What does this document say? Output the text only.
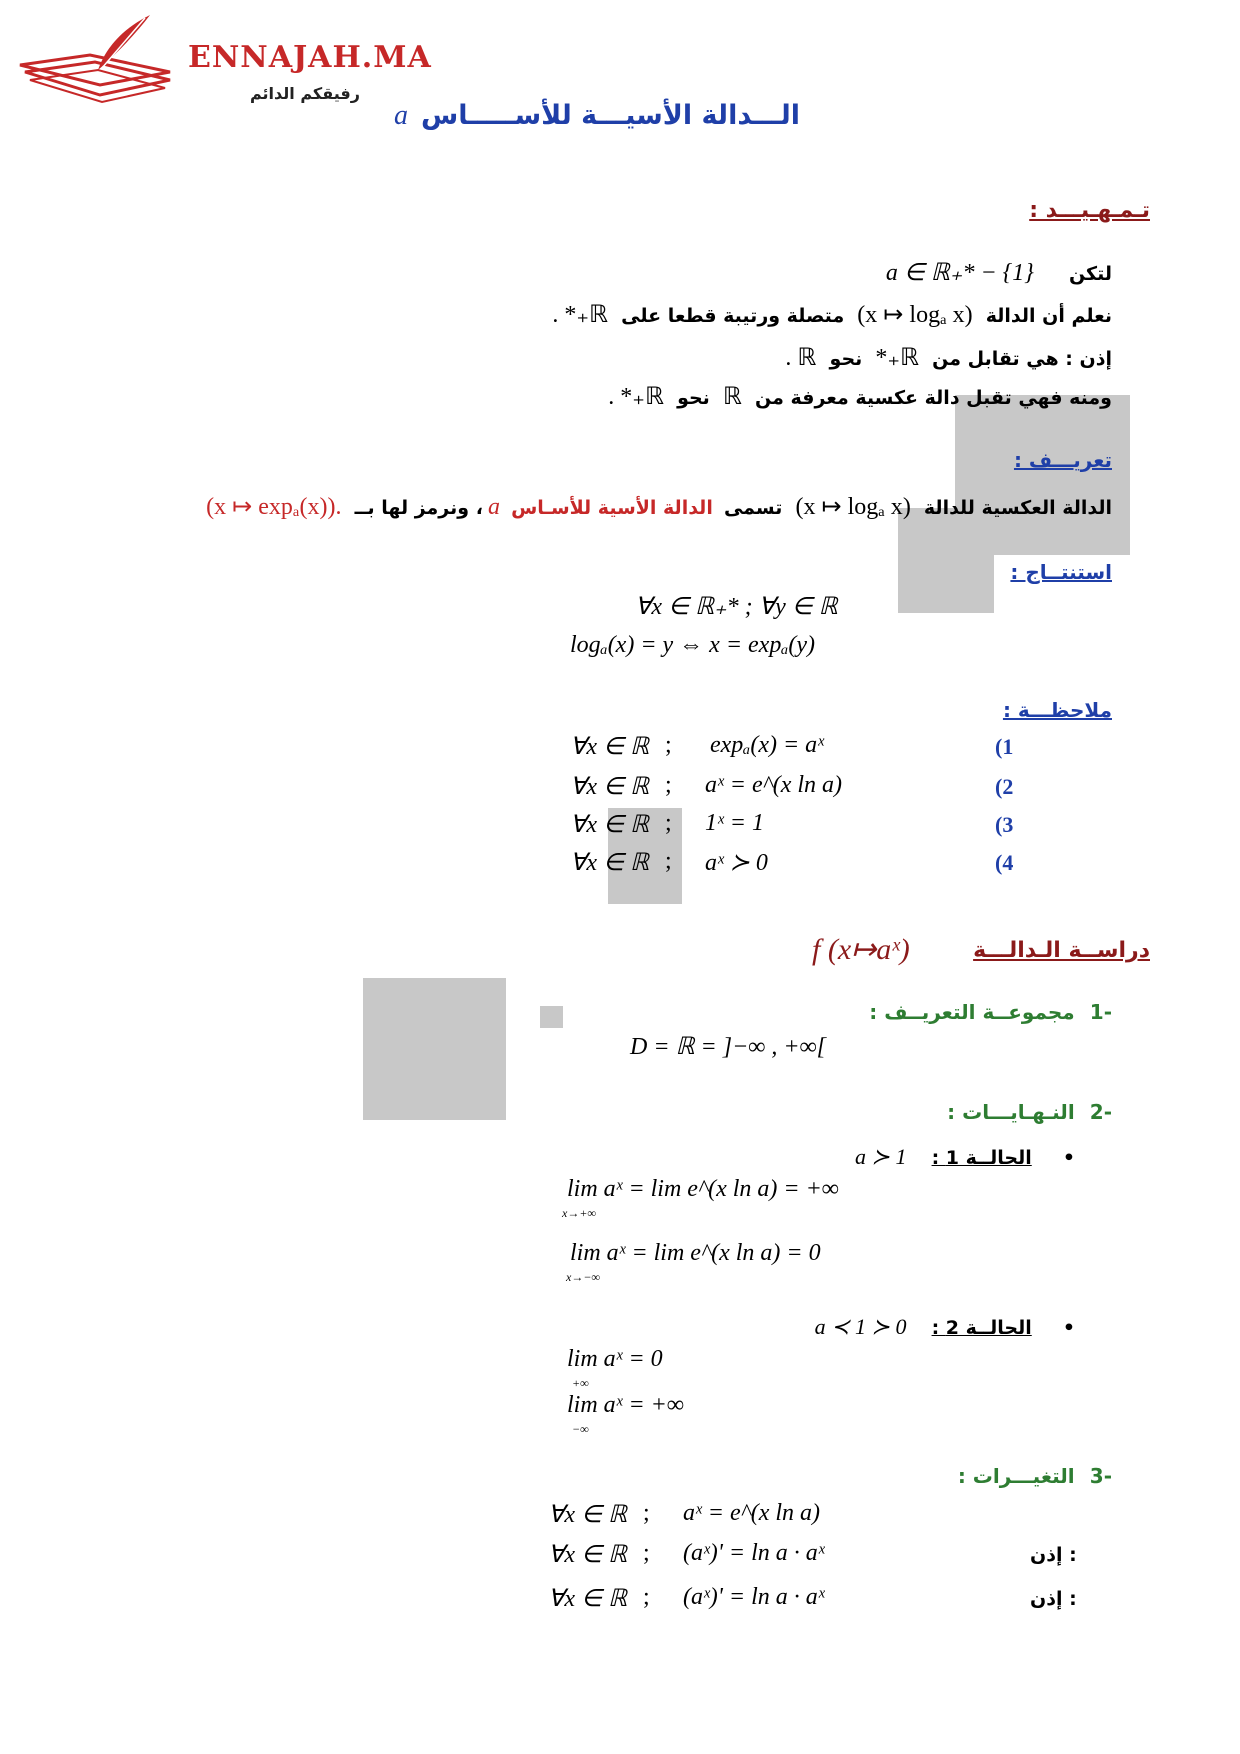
ENNAJAH.MA
رفيقكم الدائم
الـــدالة الأسيـــة للأســـــاس a
تـمـهـيـــد :
لتكن a ∈ ℝ₊* − {1}
نعلم أن الدالة (x ↦ logₐ x) متصلة ورتيبة قطعا على ℝ₊* .
إذن : هي تقابل من ℝ₊* نحو ℝ .
ومنه فهي تقبل دالة عكسية معرفة من ℝ نحو ℝ₊* .
تعريـــف :
الدالة العكسية للدالة (x ↦ logₐ x) تسمى الدالة الأسية للأسـاس a ، ونرمز لها بــ .(x ↦ expₐ(x))
استنتــاج :
∀x ∈ ℝ₊* ; ∀y ∈ ℝ
logₐ(x) = y ⇔ x = expₐ(y)
ملاحظـــة :
∀x ∈ ℝ ; expₐ(x) = aˣ	(1
∀x ∈ ℝ ; aˣ = e^(x ln a)	(2
∀x ∈ ℝ ; 1ˣ = 1	(3
∀x ∈ ℝ ; aˣ ≻ 0	(4
دراســة الـدالـــة
f (x↦aˣ)
-1 مجموعــة التعريــف :
D = ℝ = ]−∞ , +∞[
-2 النـهـايـــات :
• الحالــة 1 : a ≻ 1
lim aˣ = lim e^(x ln a) = +∞
x→+∞
lim aˣ = lim e^(x ln a) = 0
x→−∞
• الحالــة 2 : 0 ≺ a ≺ 1
lim aˣ = 0
+∞
lim aˣ = +∞
−∞
-3 التغيـــرات :
∀x ∈ ℝ ; aˣ = e^(x ln a)
∀x ∈ ℝ ; (aˣ)' = ln a · aˣ	إذن :
∀x ∈ ℝ ; (aˣ)' = ln a · aˣ	إذن :
